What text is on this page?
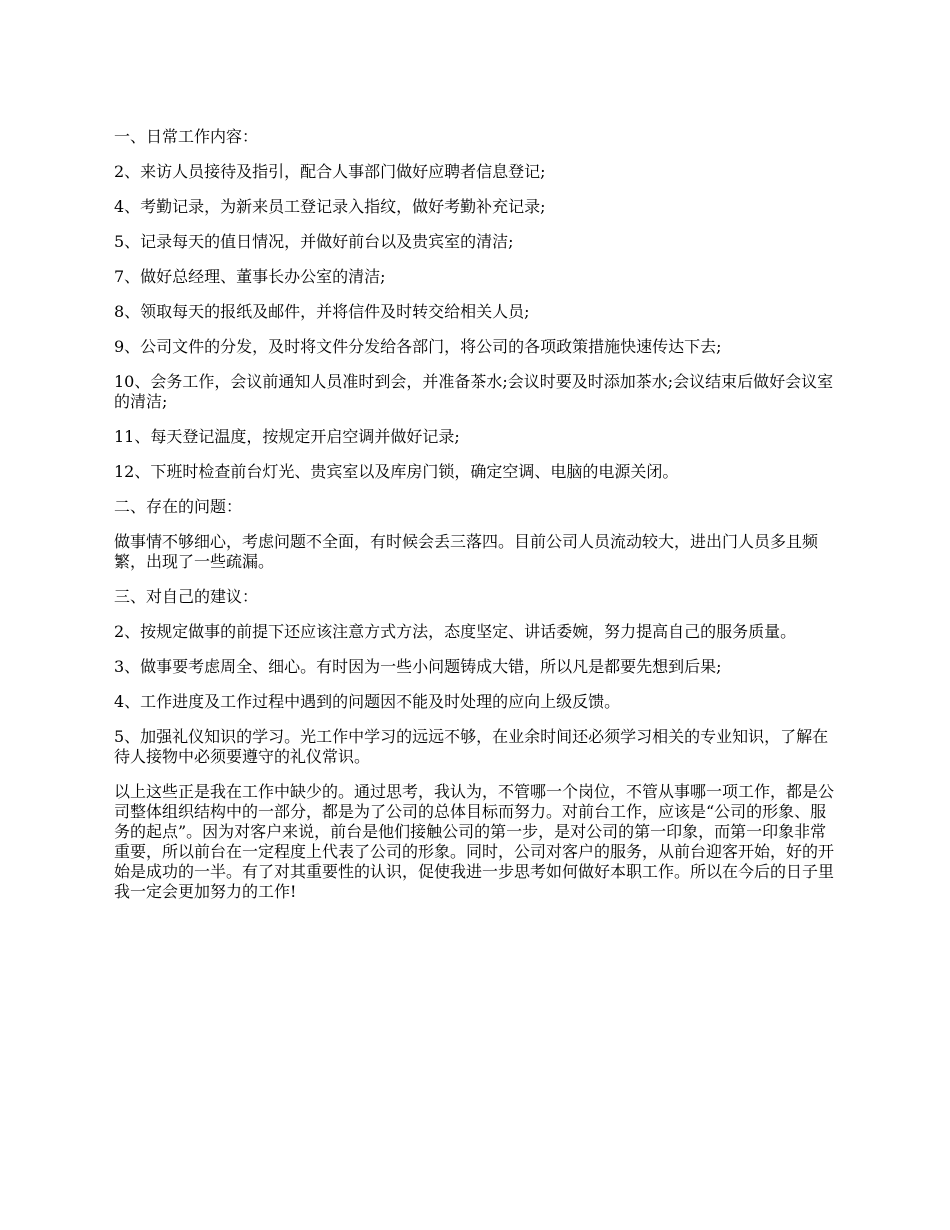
一、日常工作内容：

2、来访人员接待及指引，配合人事部门做好应聘者信息登记;

4、考勤记录，为新来员工登记录入指纹，做好考勤补充记录;

5、记录每天的值日情况，并做好前台以及贵宾室的清洁;

7、做好总经理、董事长办公室的清洁;

8、领取每天的报纸及邮件，并将信件及时转交给相关人员;

9、公司文件的分发，及时将文件分发给各部门，将公司的各项政策措施快速传达下去;

10、会务工作，会议前通知人员准时到会，并准备茶水;会议时要及时添加茶水;会议结束后做好会议室的清洁;

11、每天登记温度，按规定开启空调并做好记录;

12、下班时检查前台灯光、贵宾室以及库房门锁，确定空调、电脑的电源关闭。

二、存在的问题：

做事情不够细心，考虑问题不全面，有时候会丢三落四。目前公司人员流动较大，进出门人员多且频繁，出现了一些疏漏。

三、对自己的建议：

2、按规定做事的前提下还应该注意方式方法，态度坚定、讲话委婉，努力提高自己的服务质量。

3、做事要考虑周全、细心。有时因为一些小问题铸成大错，所以凡是都要先想到后果;

4、工作进度及工作过程中遇到的问题因不能及时处理的应向上级反馈。

5、加强礼仪知识的学习。光工作中学习的远远不够，在业余时间还必须学习相关的专业知识，了解在待人接物中必须要遵守的礼仪常识。

以上这些正是我在工作中缺少的。通过思考，我认为，不管哪一个岗位，不管从事哪一项工作，都是公司整体组织结构中的一部分，都是为了公司的总体目标而努力。对前台工作，应该是“公司的形象、服务的起点”。因为对客户来说，前台是他们接触公司的第一步，是对公司的第一印象，而第一印象非常重要，所以前台在一定程度上代表了公司的形象。同时，公司对客户的服务，从前台迎客开始，好的开始是成功的一半。有了对其重要性的认识，促使我进一步思考如何做好本职工作。所以在今后的日子里我一定会更加努力的工作!
